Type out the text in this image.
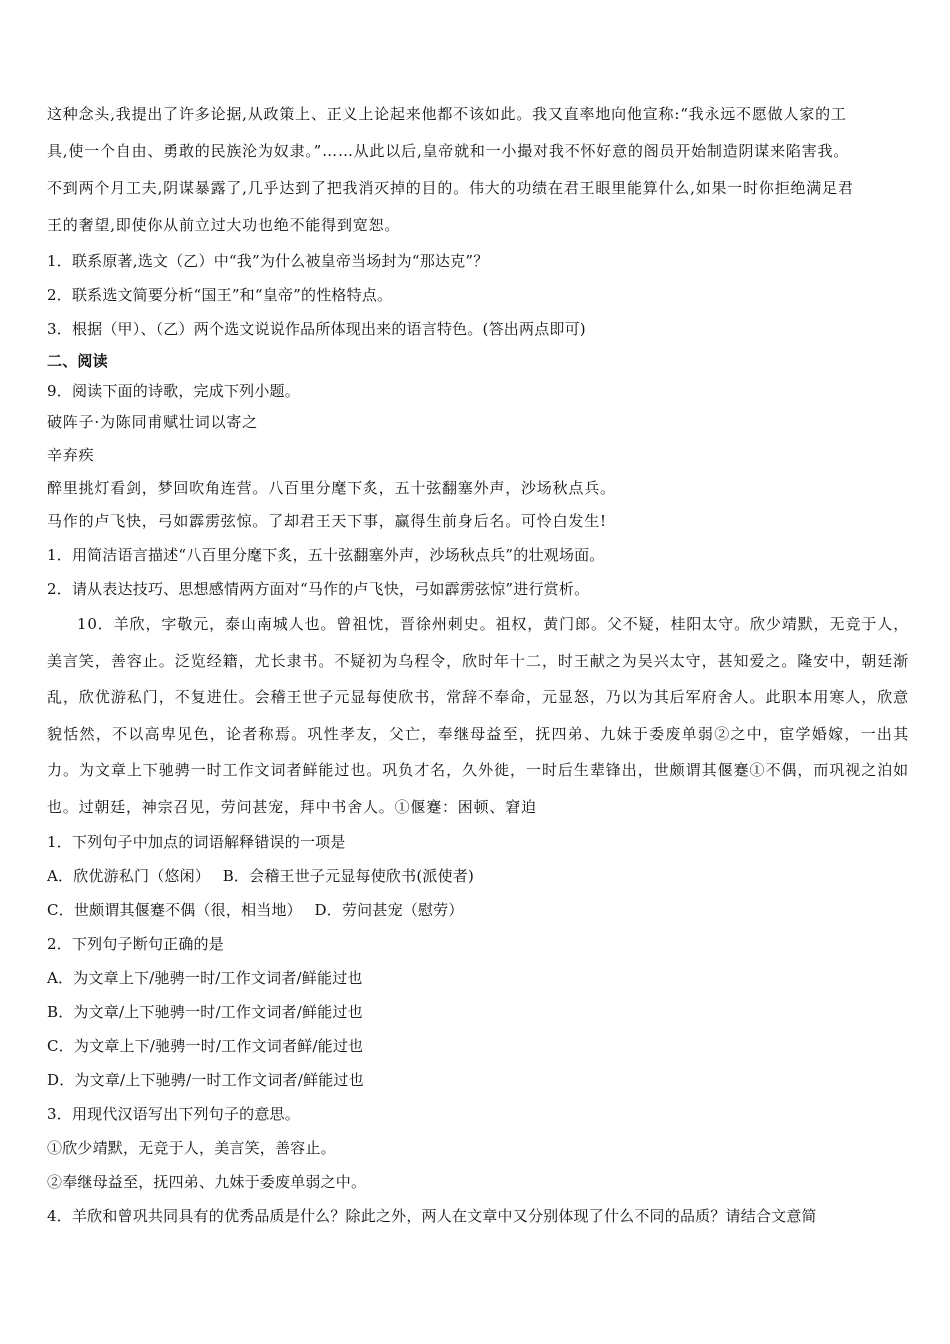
这种念头,我提出了许多论据,从政策上、正义上论起来他都不该如此。我又直率地向他宣称:“我永远不愿做人家的工

具,使一个自由、勇敢的民族沦为奴隶。”……从此以后,皇帝就和一小撮对我不怀好意的阁员开始制造阴谋来陷害我。

不到两个月工夫,阴谋暴露了,几乎达到了把我消灭掉的目的。伟大的功绩在君王眼里能算什么,如果一时你拒绝满足君

王的奢望,即使你从前立过大功也绝不能得到宽恕。

1．联系原著,选文（乙）中“我”为什么被皇帝当场封为“那达克”？

2．联系选文简要分析“国王”和“皇帝”的性格特点。

3．根据（甲）、（乙）两个选文说说作品所体现出来的语言特色。(答出两点即可)

二、阅读

9．阅读下面的诗歌，完成下列小题。

破阵子·为陈同甫赋壮词以寄之

辛弃疾

醉里挑灯看剑，梦回吹角连营。八百里分麾下炙，五十弦翻塞外声，沙场秋点兵。

马作的卢飞快，弓如霹雳弦惊。了却君王天下事，赢得生前身后名。可怜白发生!

1．用简洁语言描述“八百里分麾下炙，五十弦翻塞外声，沙场秋点兵”的壮观场面。

2．请从表达技巧、思想感情两方面对“马作的卢飞快，弓如霹雳弦惊”进行赏析。

10．羊欣，字敬元，泰山南城人也。曾祖忱，晋徐州刺史。祖权，黄门郎。父不疑，桂阳太守。欣少靖默，无竞于人，美言笑，善容止。泛览经籍，尤长隶书。不疑初为乌程令，欣时年十二，时王献之为吴兴太守，甚知爱之。隆安中，朝廷渐乱，欣优游私门，不复进仕。会稽王世子元显每使欣书，常辞不奉命，元显怒，乃以为其后军府舍人。此职本用寒人，欣意貌恬然，不以高卑见色，论者称焉。巩性孝友，父亡，奉继母益至，抚四弟、九妹于委废单弱②之中，宦学婚嫁，一出其力。为文章上下驰骋一时工作文词者鲜能过也。巩负才名，久外徙，一时后生辈锋出，世颇谓其偃蹇①不偶，而巩视之泊如也。过朝廷，神宗召见，劳问甚宠，拜中书舍人。①偃蹇：困顿、窘迫

1．下列句子中加点的词语解释错误的一项是

A．欣优游私门（悠闲）　 B．会稽王世子元显每使欣书(派使者)

C．世颇谓其偃蹇不偶（很，相当地）　 D．劳问甚宠（慰劳）

2．下列句子断句正确的是

A．为文章上下/驰骋一时/工作文词者/鲜能过也

B．为文章/上下驰骋一时/工作文词者/鲜能过也

C．为文章上下/驰骋一时/工作文词者鲜/能过也

D．为文章/上下驰骋/一时工作文词者/鲜能过也

3．用现代汉语写出下列句子的意思。

①欣少靖默，无竞于人，美言笑，善容止。

②奉继母益至，抚四弟、九妹于委废单弱之中。

4．羊欣和曾巩共同具有的优秀品质是什么？除此之外，两人在文章中又分别体现了什么不同的品质？请结合文意简
